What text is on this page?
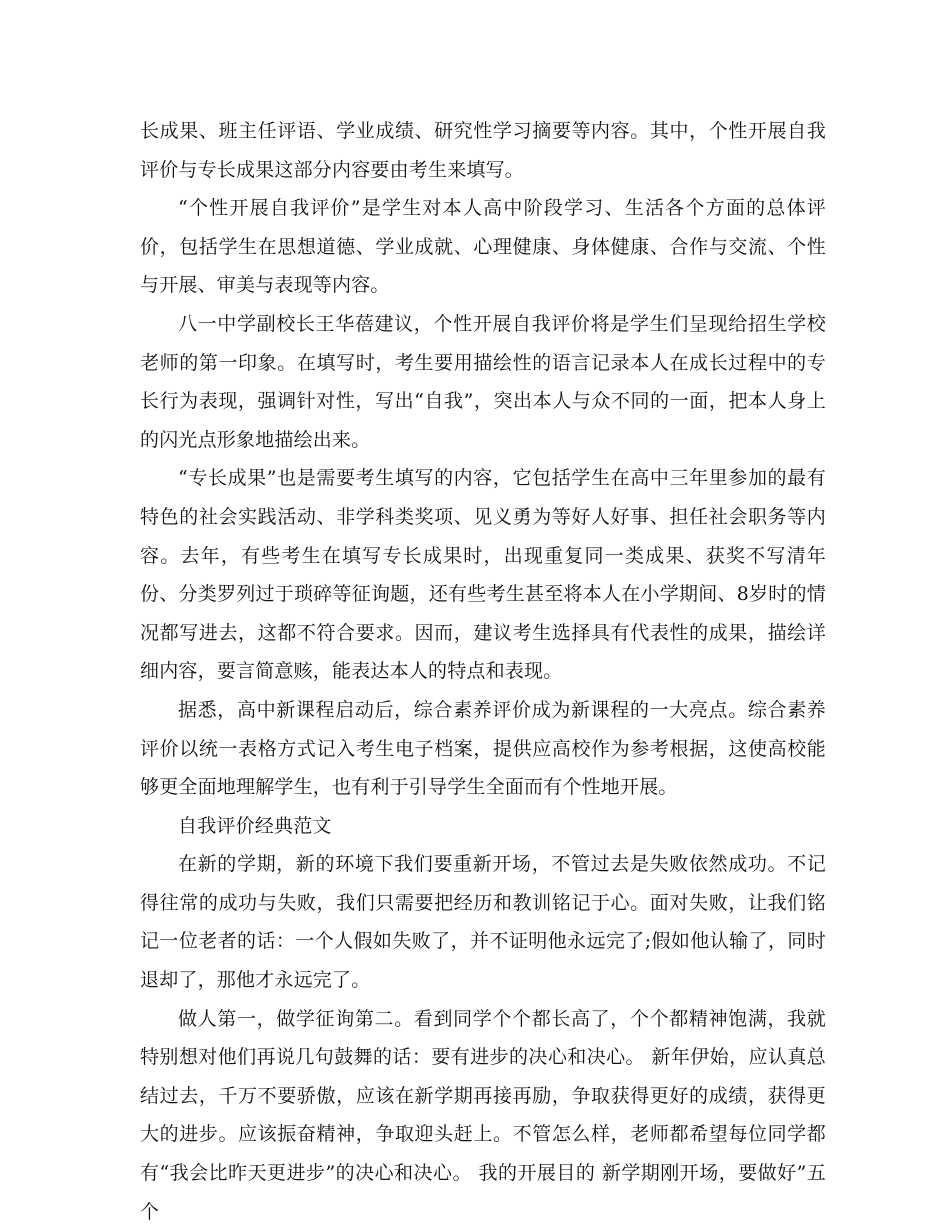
长成果、班主任评语、学业成绩、研究性学习摘要等内容。其中，个性开展自我评价与专长成果这部分内容要由考生来填写。

“个性开展自我评价”是学生对本人高中阶段学习、生活各个方面的总体评价，包括学生在思想道德、学业成就、心理健康、身体健康、合作与交流、个性与开展、审美与表现等内容。

八一中学副校长王华蓓建议，个性开展自我评价将是学生们呈现给招生学校老师的第一印象。在填写时，考生要用描绘性的语言记录本人在成长过程中的专长行为表现，强调针对性，写出“自我”，突出本人与众不同的一面，把本人身上的闪光点形象地描绘出来。

“专长成果”也是需要考生填写的内容，它包括学生在高中三年里参加的最有特色的社会实践活动、非学科类奖项、见义勇为等好人好事、担任社会职务等内容。去年，有些考生在填写专长成果时，出现重复同一类成果、获奖不写清年份、分类罗列过于琐碎等征询题，还有些考生甚至将本人在小学期间、8岁时的情况都写进去，这都不符合要求。因而，建议考生选择具有代表性的成果，描绘详细内容，要言简意赅，能表达本人的特点和表现。

据悉，高中新课程启动后，综合素养评价成为新课程的一大亮点。综合素养评价以统一表格方式记入考生电子档案，提供应高校作为参考根据，这使高校能够更全面地理解学生，也有利于引导学生全面而有个性地开展。

自我评价经典范文

在新的学期，新的环境下我们要重新开场，不管过去是失败依然成功。不记得往常的成功与失败，我们只需要把经历和教训铭记于心。面对失败，让我们铭记一位老者的话：一个人假如失败了，并不证明他永远完了;假如他认输了，同时退却了，那他才永远完了。

做人第一，做学征询第二。看到同学个个都长高了，个个都精神饱满，我就特别想对他们再说几句鼓舞的话：要有进步的决心和决心。 新年伊始，应认真总结过去，千万不要骄傲，应该在新学期再接再励，争取获得更好的成绩，获得更大的进步。应该振奋精神，争取迎头赶上。不管怎么样，老师都希望每位同学都有“我会比昨天更进步”的决心和决心。 我的开展目的 新学期刚开场，要做好”五个
